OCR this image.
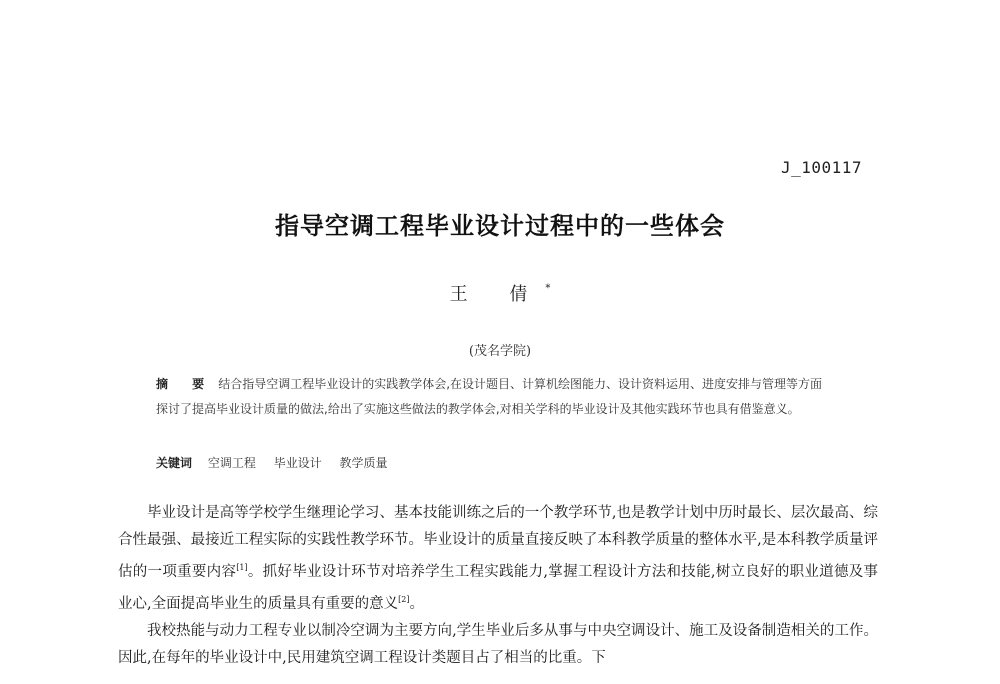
J_100117
指导空调工程毕业设计过程中的一些体会
王 倩*
(茂名学院)
摘 要 结合指导空调工程毕业设计的实践教学体会,在设计题目、计算机绘图能力、设计资料运用、进度安排与管理等方面探讨了提高毕业设计质量的做法,给出了实施这些做法的教学体会,对相关学科的毕业设计及其他实践环节也具有借鉴意义。
关键词 空调工程 毕业设计 教学质量

毕业设计是高等学校学生继理论学习、基本技能训练之后的一个教学环节,也是教学计划中历时最长、层次最高、综合性最强、最接近工程实际的实践性教学环节。毕业设计的质量直接反映了本科教学质量的整体水平,是本科教学质量评估的一项重要内容[1]。抓好毕业设计环节对培养学生工程实践能力,掌握工程设计方法和技能,树立良好的职业道德及事业心,全面提高毕业生的质量具有重要的意义[2]。

我校热能与动力工程专业以制冷空调为主要方向,学生毕业后多从事与中央空调设计、施工及设备制造相关的工作。因此,在每年的毕业设计中,民用建筑空调工程设计类题目占了相当的比重。下
